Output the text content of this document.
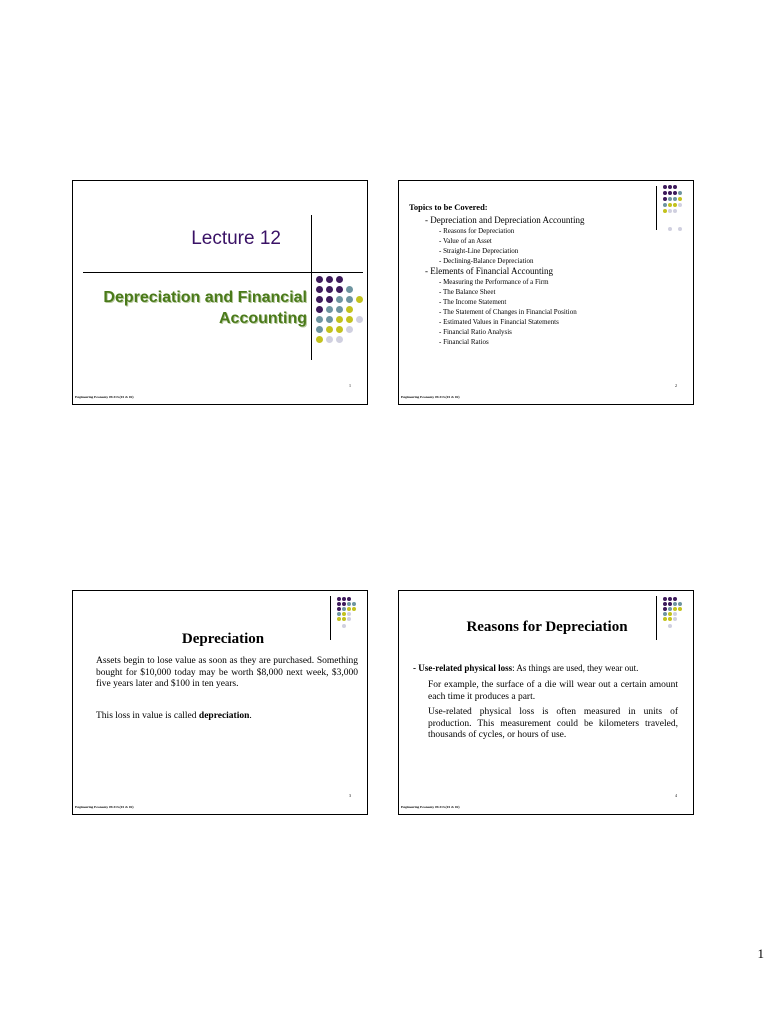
Lecture 12
Depreciation and Financial
Accounting
1
Engineering Economy 09.313.(01 & 02)
Topics to be Covered:
- Depreciation and Depreciation Accounting
- Reasons for Depreciation
- Value of an Asset
- Straight-Line Depreciation
- Declining-Balance Depreciation
- Elements of Financial Accounting
- Measuring the Performance of a Firm
- The Balance Sheet
- The Income Statement
- The Statement of Changes in Financial Position
- Estimated Values in Financial Statements
- Financial Ratio Analysis
- Financial Ratios
2
Engineering Economy 09.313.(01 & 02)
Depreciation
Assets begin to lose value as soon as they are purchased. Something bought for $10,000 today may be worth $8,000 next week, $3,000 five years later and $100 in ten years.
This loss in value is called depreciation.
3
Engineering Economy 09.313.(01 & 02)
Reasons for Depreciation
- Use-related physical loss: As things are used, they wear out.
For example, the surface of a die will wear out a certain amount each time it produces a part.
Use-related physical loss is often measured in units of production. This measurement could be kilometers traveled, thousands of cycles, or hours of use.
4
Engineering Economy 09.313.(01 & 02)
1
